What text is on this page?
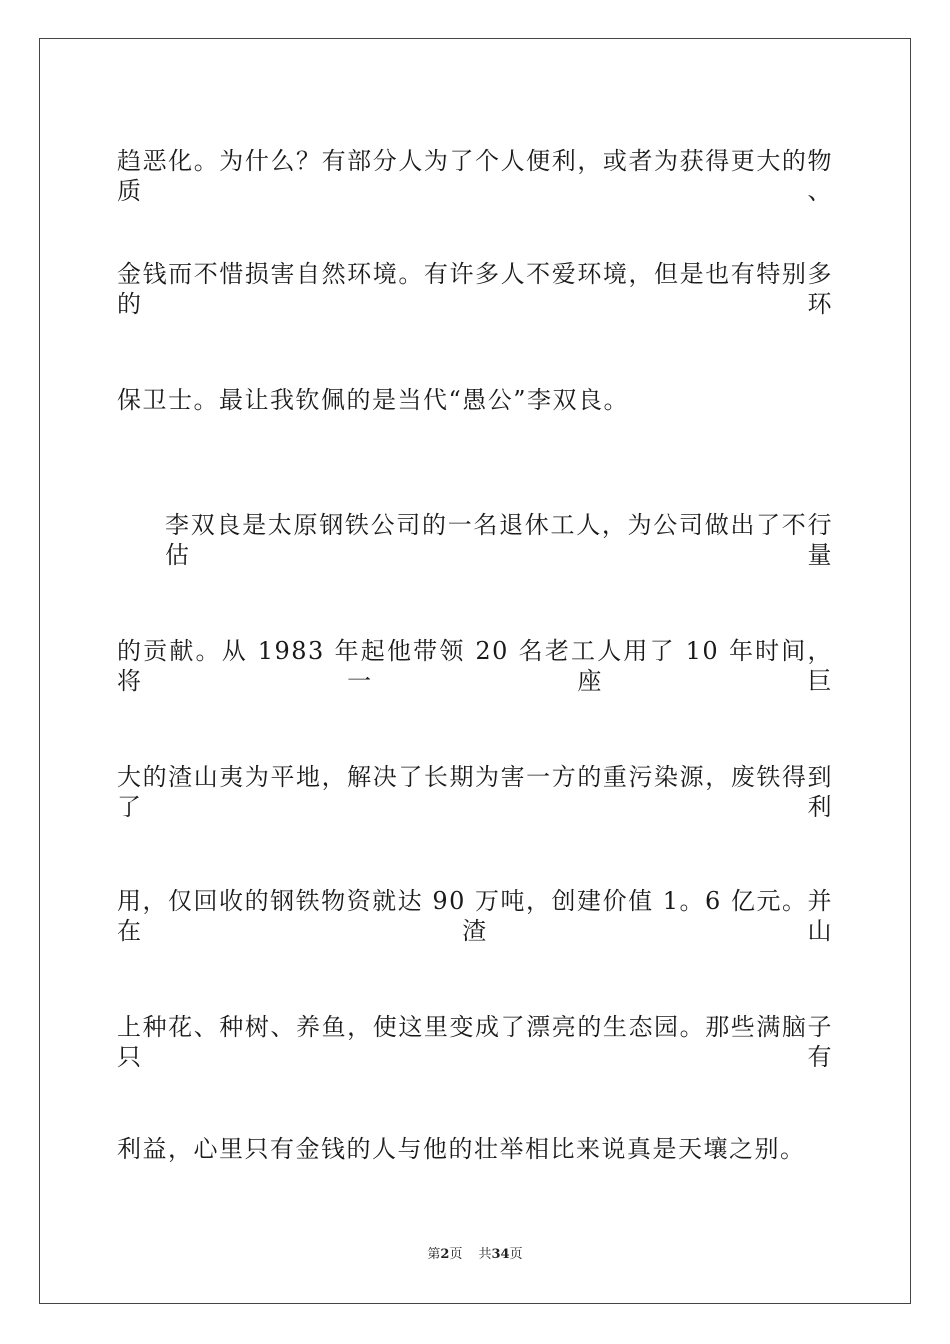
趋恶化。为什么？有部分人为了个人便利，或者为获得更大的物质、
金钱而不惜损害自然环境。有许多人不爱环境，但是也有特别多的环
保卫士。最让我钦佩的是当代“愚公”李双良。
李双良是太原钢铁公司的一名退休工人，为公司做出了不行估量
的贡献。从 1983 年起他带领 20 名老工人用了 10 年时间，将一座巨
大的渣山夷为平地，解决了长期为害一方的重污染源，废铁得到了利
用，仅回收的钢铁物资就达 90 万吨，创建价值 1。6 亿元。并在渣山
上种花、种树、养鱼，使这里变成了漂亮的生态园。那些满脑子只有
利益，心里只有金钱的人与他的壮举相比来说真是天壤之别。
第2页 共34页
